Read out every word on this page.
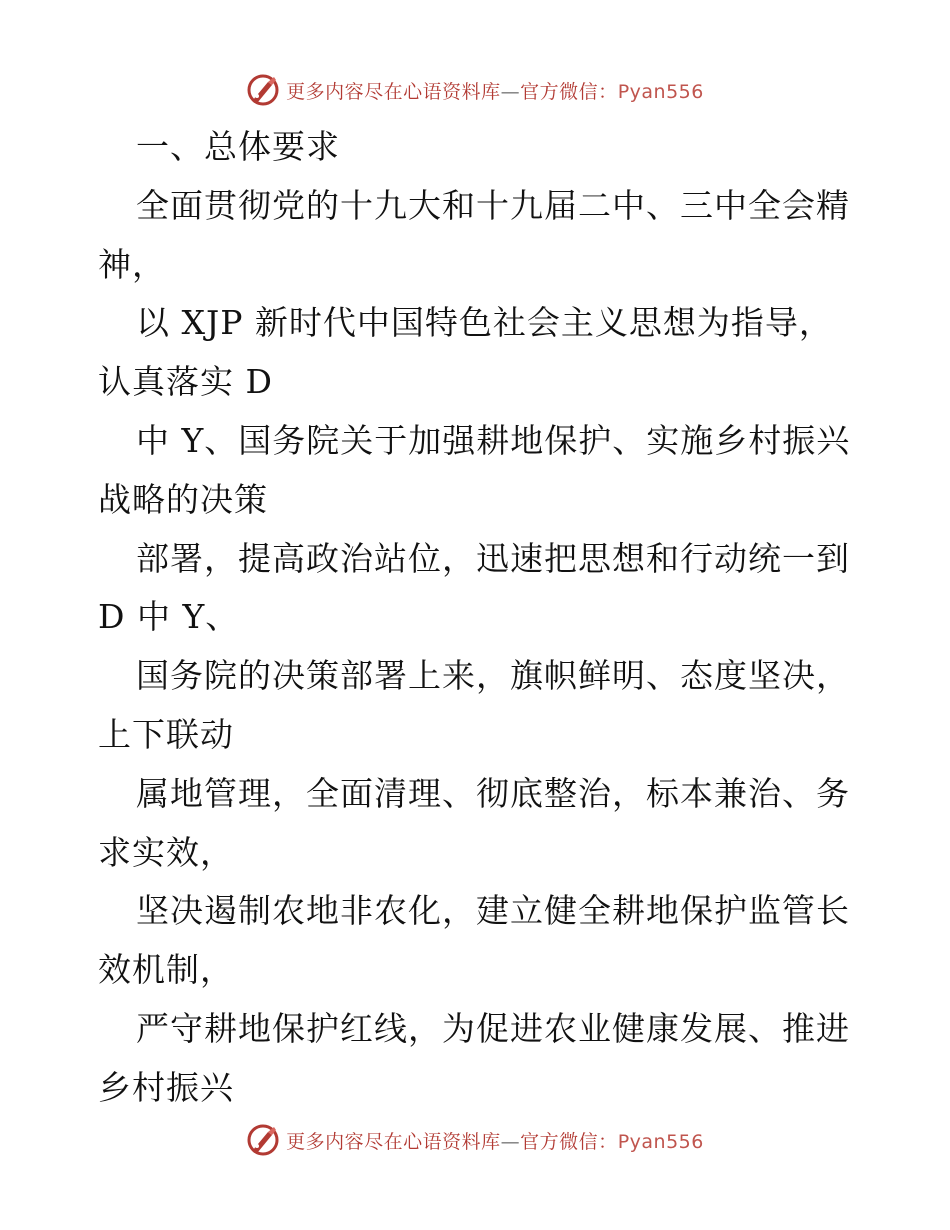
更多内容尽在心语资料库—官方微信：Pyan556
一、总体要求
全面贯彻党的十九大和十九届二中、三中全会精
神，
以 XJP 新时代中国特色社会主义思想为指导，
认真落实 D
中 Y、国务院关于加强耕地保护、实施乡村振兴
战略的决策
部署，提高政治站位，迅速把思想和行动统一到
D 中 Y、
国务院的决策部署上来，旗帜鲜明、态度坚决，
上下联动
属地管理，全面清理、彻底整治，标本兼治、务
求实效，
坚决遏制农地非农化，建立健全耕地保护监管长
效机制，
严守耕地保护红线，为促进农业健康发展、推进
乡村振兴
更多内容尽在心语资料库—官方微信：Pyan556
